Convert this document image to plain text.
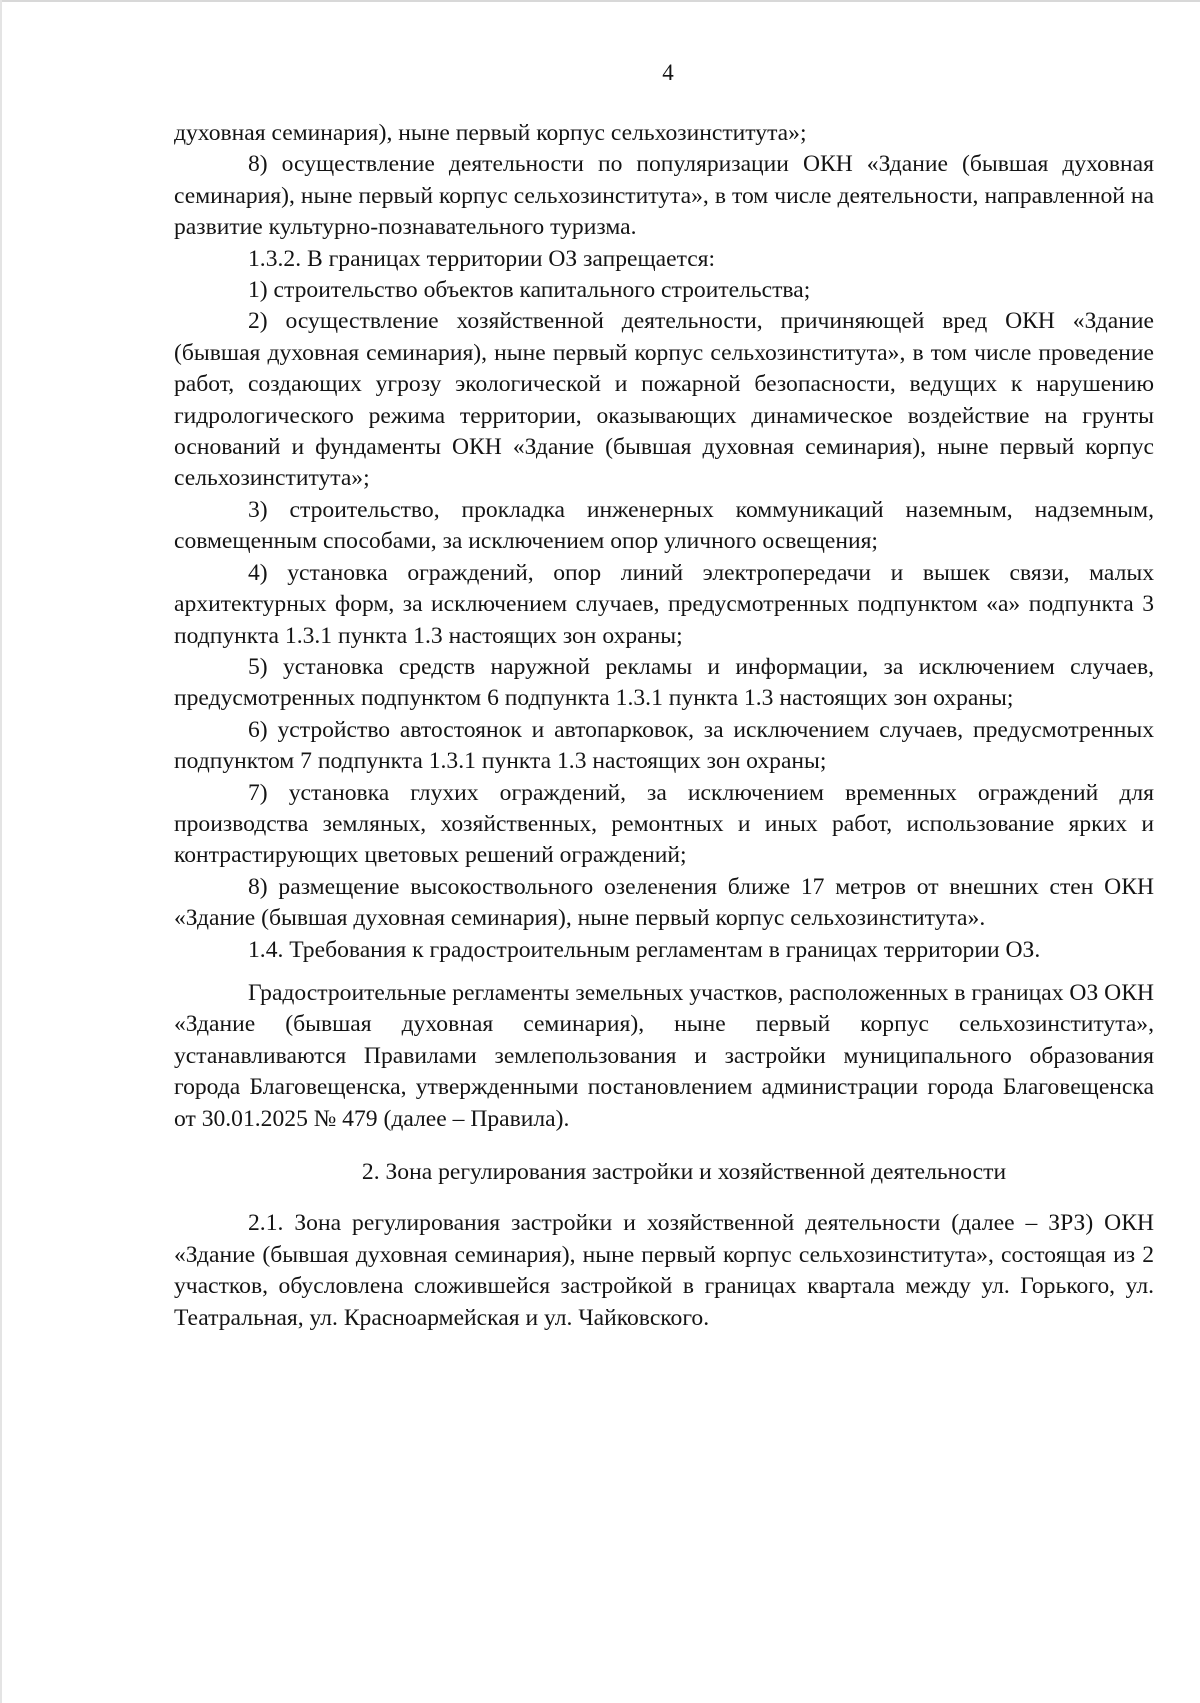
4

духовная семинария), ныне первый корпус сельхозинститута»;

8) осуществление деятельности по популяризации ОКН «Здание (бывшая духовная семинария), ныне первый корпус сельхозинститута», в том числе деятельности, направленной на развитие культурно-познавательного туризма.

1.3.2. В границах территории ОЗ запрещается:

1) строительство объектов капитального строительства;

2) осуществление хозяйственной деятельности, причиняющей вред ОКН «Здание (бывшая духовная семинария), ныне первый корпус сельхозинститута», в том числе проведение работ, создающих угрозу экологической и пожарной безопасности, ведущих к нарушению гидрологического режима территории, оказывающих динамическое воздействие на грунты оснований и фундаменты ОКН «Здание (бывшая духовная семинария), ныне первый корпус сельхозинститута»;

3) строительство, прокладка инженерных коммуникаций наземным, надземным, совмещенным способами, за исключением опор уличного освещения;

4) установка ограждений, опор линий электропередачи и вышек связи, малых архитектурных форм, за исключением случаев, предусмотренных подпунктом «а» подпункта 3 подпункта 1.3.1 пункта 1.3 настоящих зон охраны;

5) установка средств наружной рекламы и информации, за исключением случаев, предусмотренных подпунктом 6 подпункта 1.3.1 пункта 1.3 настоящих зон охраны;

6) устройство автостоянок и автопарковок, за исключением случаев, предусмотренных подпунктом 7 подпункта 1.3.1 пункта 1.3 настоящих зон охраны;

7) установка глухих ограждений, за исключением временных ограждений для производства земляных, хозяйственных, ремонтных и иных работ, использование ярких и контрастирующих цветовых решений ограждений;

8) размещение высокоствольного озеленения ближе 17 метров от внешних стен ОКН «Здание (бывшая духовная семинария), ныне первый корпус сельхозинститута».

1.4. Требования к градостроительным регламентам в границах территории ОЗ.

Градостроительные регламенты земельных участков, расположенных в границах ОЗ ОКН «Здание (бывшая духовная семинария), ныне первый корпус сельхозинститута», устанавливаются Правилами землепользования и застройки муниципального образования города Благовещенска, утвержденными постановлением администрации города Благовещенска от 30.01.2025 № 479 (далее – Правила).

2. Зона регулирования застройки и хозяйственной деятельности

2.1. Зона регулирования застройки и хозяйственной деятельности (далее – ЗРЗ) ОКН «Здание (бывшая духовная семинария), ныне первый корпус сельхозинститута», состоящая из 2 участков, обусловлена сложившейся застройкой в границах квартала между ул. Горького, ул. Театральная, ул. Красноармейская и ул. Чайковского.
